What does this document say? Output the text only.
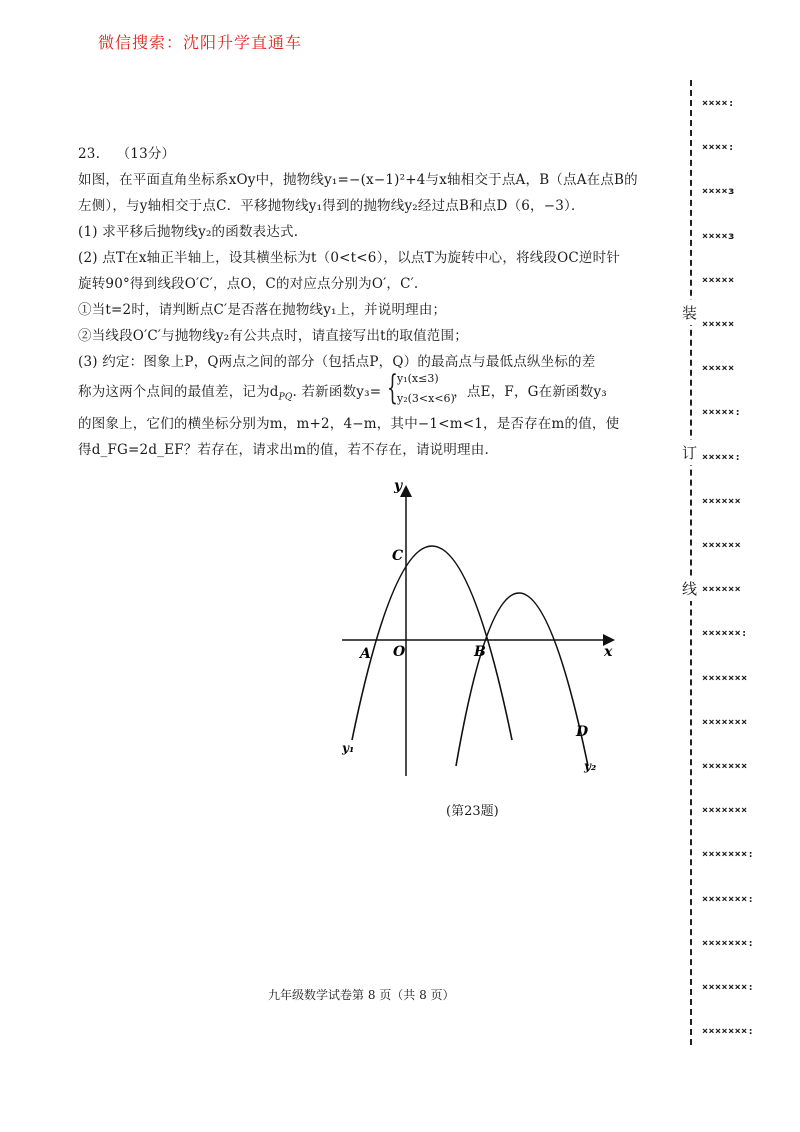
微信搜索：沈阳升学直通车
23. （13分）
如图，在平面直角坐标系xOy中，抛物线y₁=−(x−1)²+4与x轴相交于点A，B（点A在点B的
左侧），与y轴相交于点C．平移抛物线y₁得到的抛物线y₂经过点B和点D（6，−3）．
(1) 求平移后抛物线y₂的函数表达式.
(2) 点T在x轴正半轴上，设其横坐标为t（0<t<6），以点T为旋转中心，将线段OC逆时针
旋转90°得到线段O′C′，点O，C的对应点分别为O′，C′.
①当t=2时，请判断点C′是否落在抛物线y₁上，并说明理由；
②当线段O′C′与抛物线y₂有公共点时，请直接写出t的取值范围；
(3) 约定：图象上P，Q两点之间的部分（包括点P，Q）的最高点与最低点纵坐标的差
称为这两个点间的最值差，记为$d_{PQ}$. 若新函数y₃=	，点E，F，G在新函数y₃
的图象上，它们的横坐标分别为m，m+2，4−m，其中−1<m<1，是否存在m的值，使
得d_FG=2d_EF？若存在，请求出m的值，若不存在，请说明理由.
{ y₁(x≤3)
y₂(3<x<6)
y
x
O
A	B
C
D
y₁
y₂
(第23题)
九年级数学试卷第 8 页（共 8 页）
装
订
线
××××:
××××:
××××ɜ
××××ɜ
×××××
×××××
×××××
×××××:
×××××:
××××××
××××××
××××××
××××××:
×××××××
×××××××
×××××××
×××××××
×××××××:
×××××××:
×××××××:
×××××××:
×××××××:
